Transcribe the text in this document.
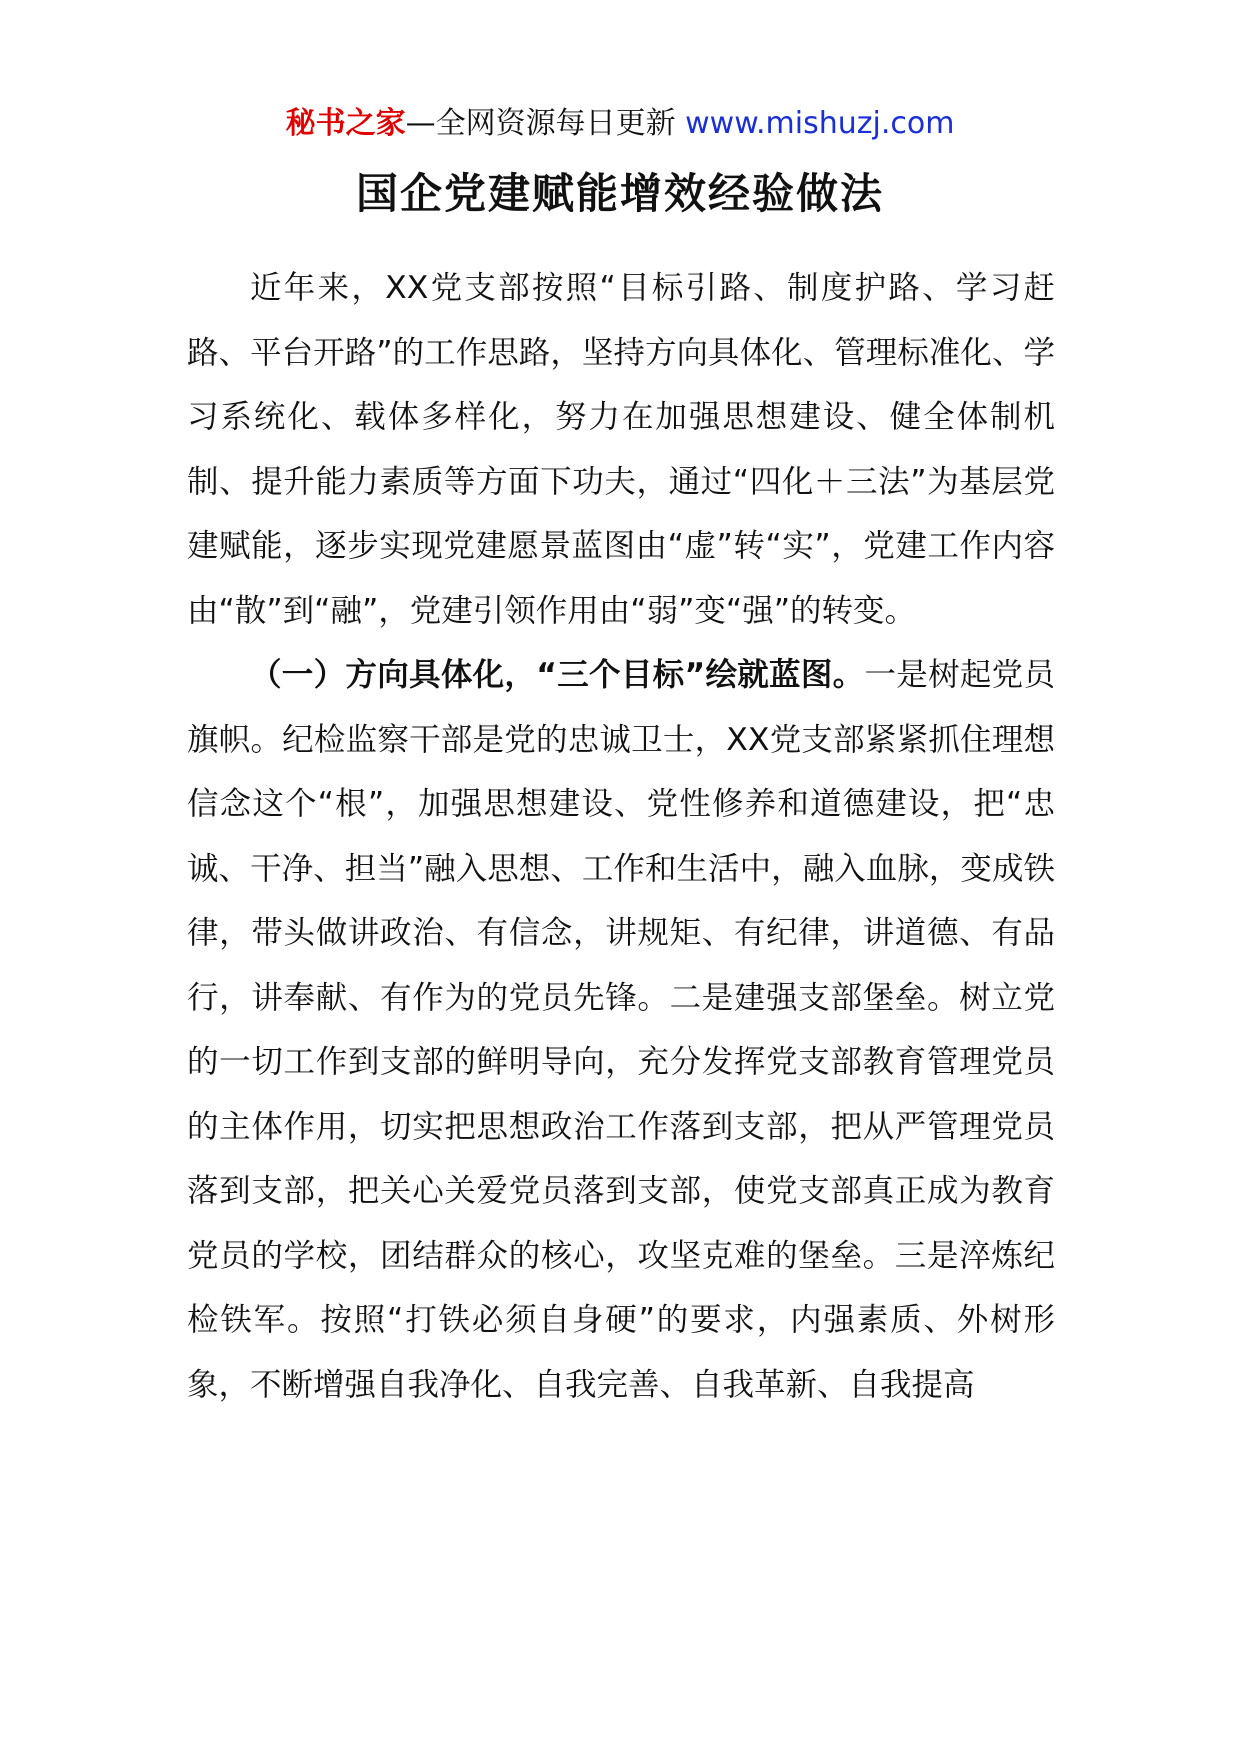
秘书之家—全网资源每日更新 www.mishuzj.com
国企党建赋能增效经验做法

近年来，XX党支部按照“目标引路、制度护路、学习赶路、平台开路”的工作思路，坚持方向具体化、管理标准化、学习系统化、载体多样化，努力在加强思想建设、健全体制机制、提升能力素质等方面下功夫，通过“四化＋三法”为基层党建赋能，逐步实现党建愿景蓝图由“虚”转“实”，党建工作内容由“散”到“融”，党建引领作用由“弱”变“强”的转变。

（一）方向具体化，“三个目标”绘就蓝图。一是树起党员旗帜。纪检监察干部是党的忠诚卫士，XX党支部紧紧抓住理想信念这个“根”，加强思想建设、党性修养和道德建设，把“忠诚、干净、担当”融入思想、工作和生活中，融入血脉，变成铁律，带头做讲政治、有信念，讲规矩、有纪律，讲道德、有品行，讲奉献、有作为的党员先锋。二是建强支部堡垒。树立党的一切工作到支部的鲜明导向，充分发挥党支部教育管理党员的主体作用，切实把思想政治工作落到支部，把从严管理党员落到支部，把关心关爱党员落到支部，使党支部真正成为教育党员的学校，团结群众的核心，攻坚克难的堡垒。三是淬炼纪检铁军。按照“打铁必须自身硬”的要求，内强素质、外树形象，不断增强自我净化、自我完善、自我革新、自我提高
